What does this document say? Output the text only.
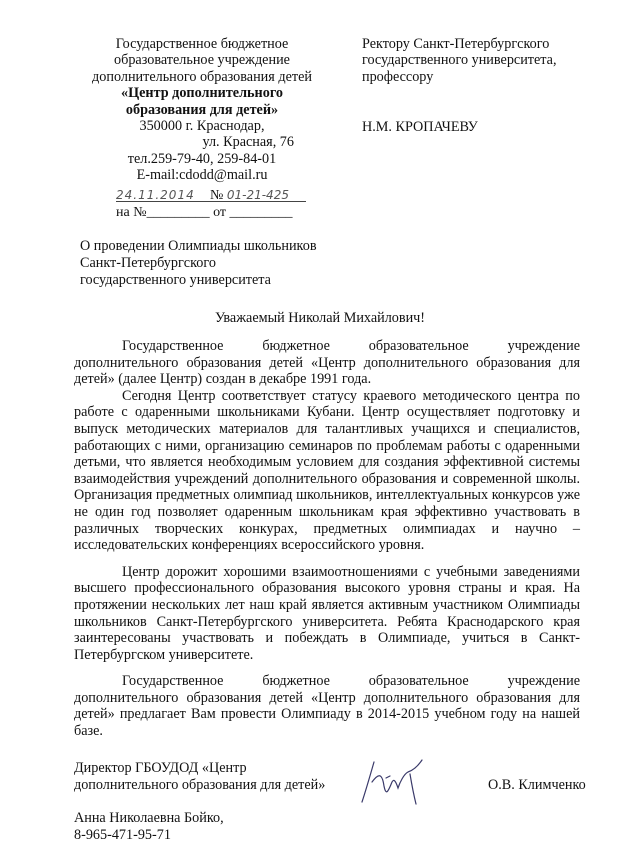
Государственное бюджетное
образовательное учреждение
дополнительного образования детей
«Центр дополнительного
образования для детей»
350000 г. Краснодар,
ул. Красная, 76
тел.259-79-40, 259-84-01
E-mail:cdodd@mail.ru
24.11.2014 № 01-21-425
на №_________ от _________
Ректору Санкт-Петербургского
государственного университета,
профессору
Н.М. КРОПАЧЕВУ
О проведении Олимпиады школьников
Санкт-Петербургского
государственного университета
Уважаемый Николай Михайлович!

Государственное бюджетное образовательное учреждение дополнительного образования детей «Центр дополнительного образования для детей» (далее Центр) создан в декабре 1991 года.

Сегодня Центр соответствует статусу краевого методического центра по работе с одаренными школьниками Кубани. Центр осуществляет подготовку и выпуск методических материалов для талантливых учащихся и специалистов, работающих с ними, организацию семинаров по проблемам работы с одаренными детьми, что является необходимым условием для создания эффективной системы взаимодействия учреждений дополнительного образования и современной школы. Организация предметных олимпиад школьников, интеллектуальных конкурсов уже не один год позволяет одаренным школьникам края эффективно участвовать в различных творческих конкурах, предметных олимпиадах и научно – исследовательских конференциях всероссийского уровня.

Центр дорожит хорошими взаимоотношениями с учебными заведениями высшего профессионального образования высокого уровня страны и края. На протяжении нескольких лет наш край является активным участником Олимпиады школьников Санкт-Петербургского университета. Ребята Краснодарского края заинтересованы участвовать и побеждать в Олимпиаде, учиться в Санкт-Петербургском университете.

Государственное бюджетное образовательное учреждение дополнительного образования детей «Центр дополнительного образования для детей» предлагает Вам провести Олимпиаду в 2014-2015 учебном году на нашей базе.

Директор ГБОУДОД «Центр
дополнительного образования для детей»	О.В. Климченко
Анна Николаевна Бойко,
8-965-471-95-71
